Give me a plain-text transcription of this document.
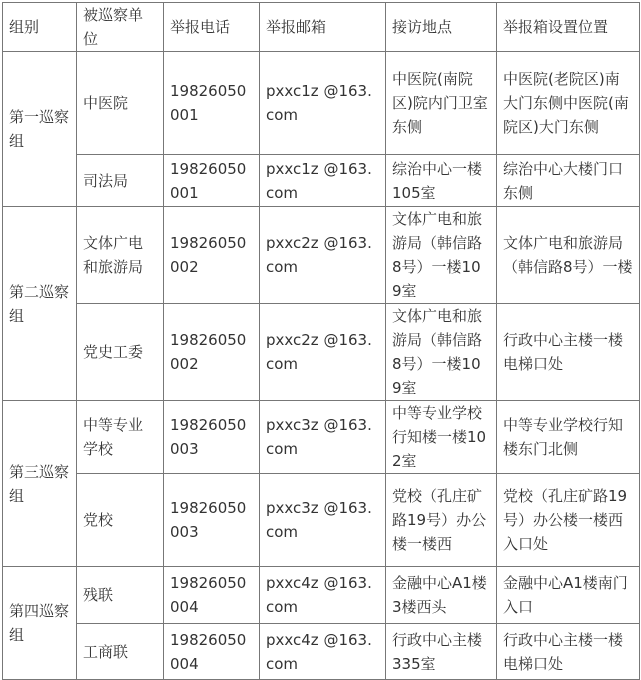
组别	被巡察单位	举报电话	举报邮箱	接访地点	举报箱设置位置
第一巡察组	中医院	19826050001	pxxc1z @163.com	中医院(南院区)院内门卫室东侧	中医院(老院区)南大门东侧中医院(南院区)大门东侧
	司法局	19826050001	pxxc1z @163.com	综治中心一楼105室	综治中心大楼门口东侧
第二巡察组	文体广电和旅游局	19826050002	pxxc2z @163.com	文体广电和旅游局（韩信路8号）一楼109室	文体广电和旅游局（韩信路8号）一楼
	党史工委	19826050002	pxxc2z @163.com	文体广电和旅游局（韩信路8号）一楼109室	行政中心主楼一楼电梯口处
第三巡察组	中等专业学校	19826050003	pxxc3z @163.com	中等专业学校行知楼一楼102室	中等专业学校行知楼东门北侧
	党校	19826050003	pxxc3z @163.com	党校（孔庄矿路19号）办公楼一楼西	党校（孔庄矿路19号）办公楼一楼西入口处
第四巡察组	残联	19826050004	pxxc4z @163.com	金融中心A1楼3楼西头	金融中心A1楼南门入口
	工商联	19826050004	pxxc4z @163.com	行政中心主楼335室	行政中心主楼一楼电梯口处
